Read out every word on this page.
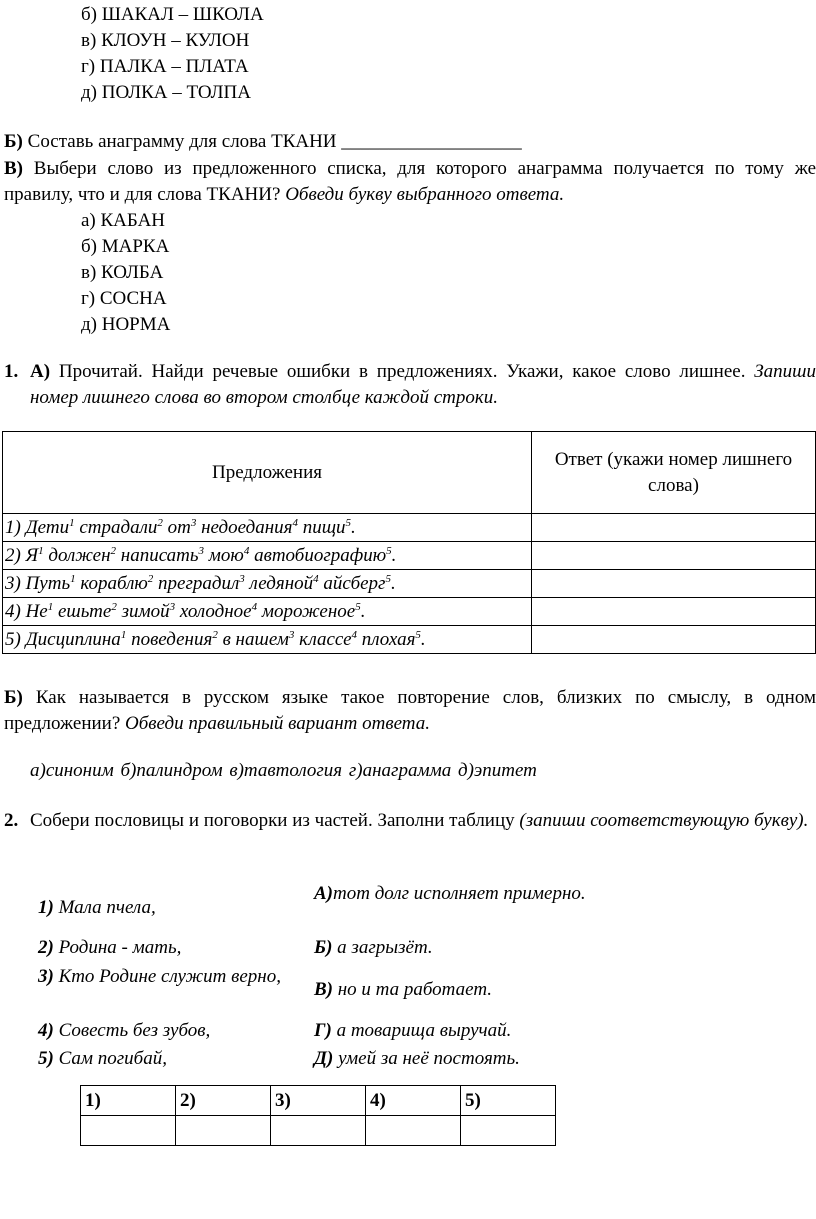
б) ШАКАЛ – ШКОЛА
в) КЛОУН – КУЛОН
г) ПАЛКА – ПЛАТА
д) ПОЛКА – ТОЛПА
Б) Составь анаграмму для слова ТКАНИ ___________________
В) Выбери слово из предложенного списка, для которого анаграмма получается по тому же правилу, что и для слова ТКАНИ? Обведи букву выбранного ответа.
а) КАБАН
б) МАРКА
в) КОЛБА
г) СОСНА
д) НОРМА
1. А) Прочитай. Найди речевые ошибки в предложениях. Укажи, какое слово лишнее. Запиши номер лишнего слова во втором столбце каждой строки.
Предложения	Ответ (укажи номер лишнего слова)
1) Дети$^1$ страдали$^2$ $от^3$ недоедания$^4$ пищи$^5$.	
2) $Я^1$ должен$^2$ написать$^3$ мою$^4$ автобиографию$^5$.	
3) Путь$^1$ кораблю$^2$ преградил$^3$ ледяной$^4$ айсберг$^5$.	
4) $Не^1$ ешьте$^2$ зимой$^3$ холодное$^4$ мороженое$^5$.	
5) Дисциплина$^1$ поведения$^2$ в нашем$^3$ классе$^4$ плохая$^5$.	
Б) Как называется в русском языке такое повторение слов, близких по смыслу, в одном предложении? Обведи правильный вариант ответа.
а)синоним б)палиндром в)тавтология г)анаграмма д)эпитет
2. Собери пословицы и поговорки из частей. Заполни таблицу (запиши соответствующую букву).
1) Мала пчела,
2) Родина - мать,
3) Кто Родине служит верно,
4) Совесть без зубов,
5) Сам погибай,
А)тот долг исполняет примерно.
Б) а загрызёт.
В) но и та работает.
Г) а товарища выручай.
Д) умей за неё постоять.
1)	2)	3)	4)	5)
